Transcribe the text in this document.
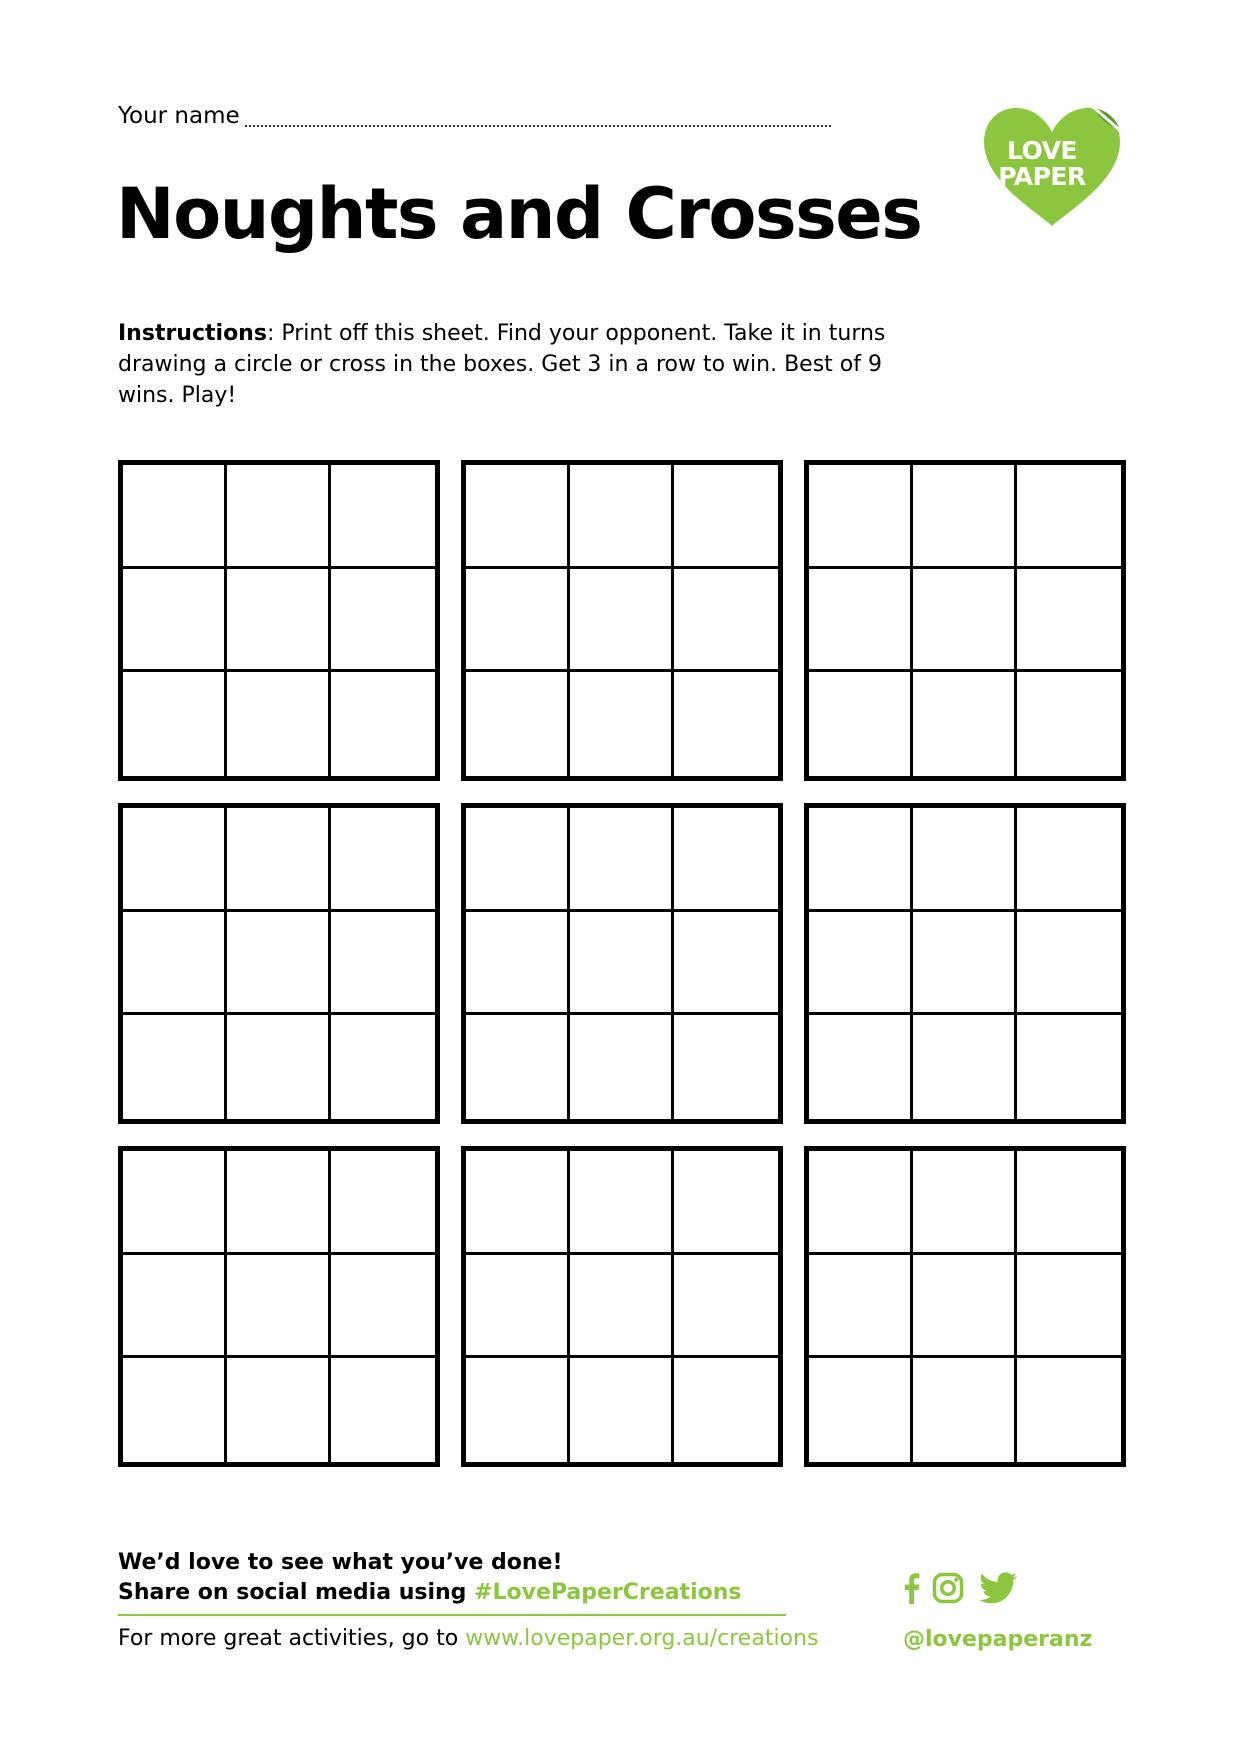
Your name
Noughts and Crosses
LOVE
PAPER

Instructions: Print off this sheet. Find your opponent. Take it in turns drawing a circle or cross in the boxes. Get 3 in a row to win. Best of 9 wins. Play!

We’d love to see what you’ve done!
Share on social media using #LovePaperCreations
For more great activities, go to www.lovepaper.org.au/creations	@lovepaperanz
